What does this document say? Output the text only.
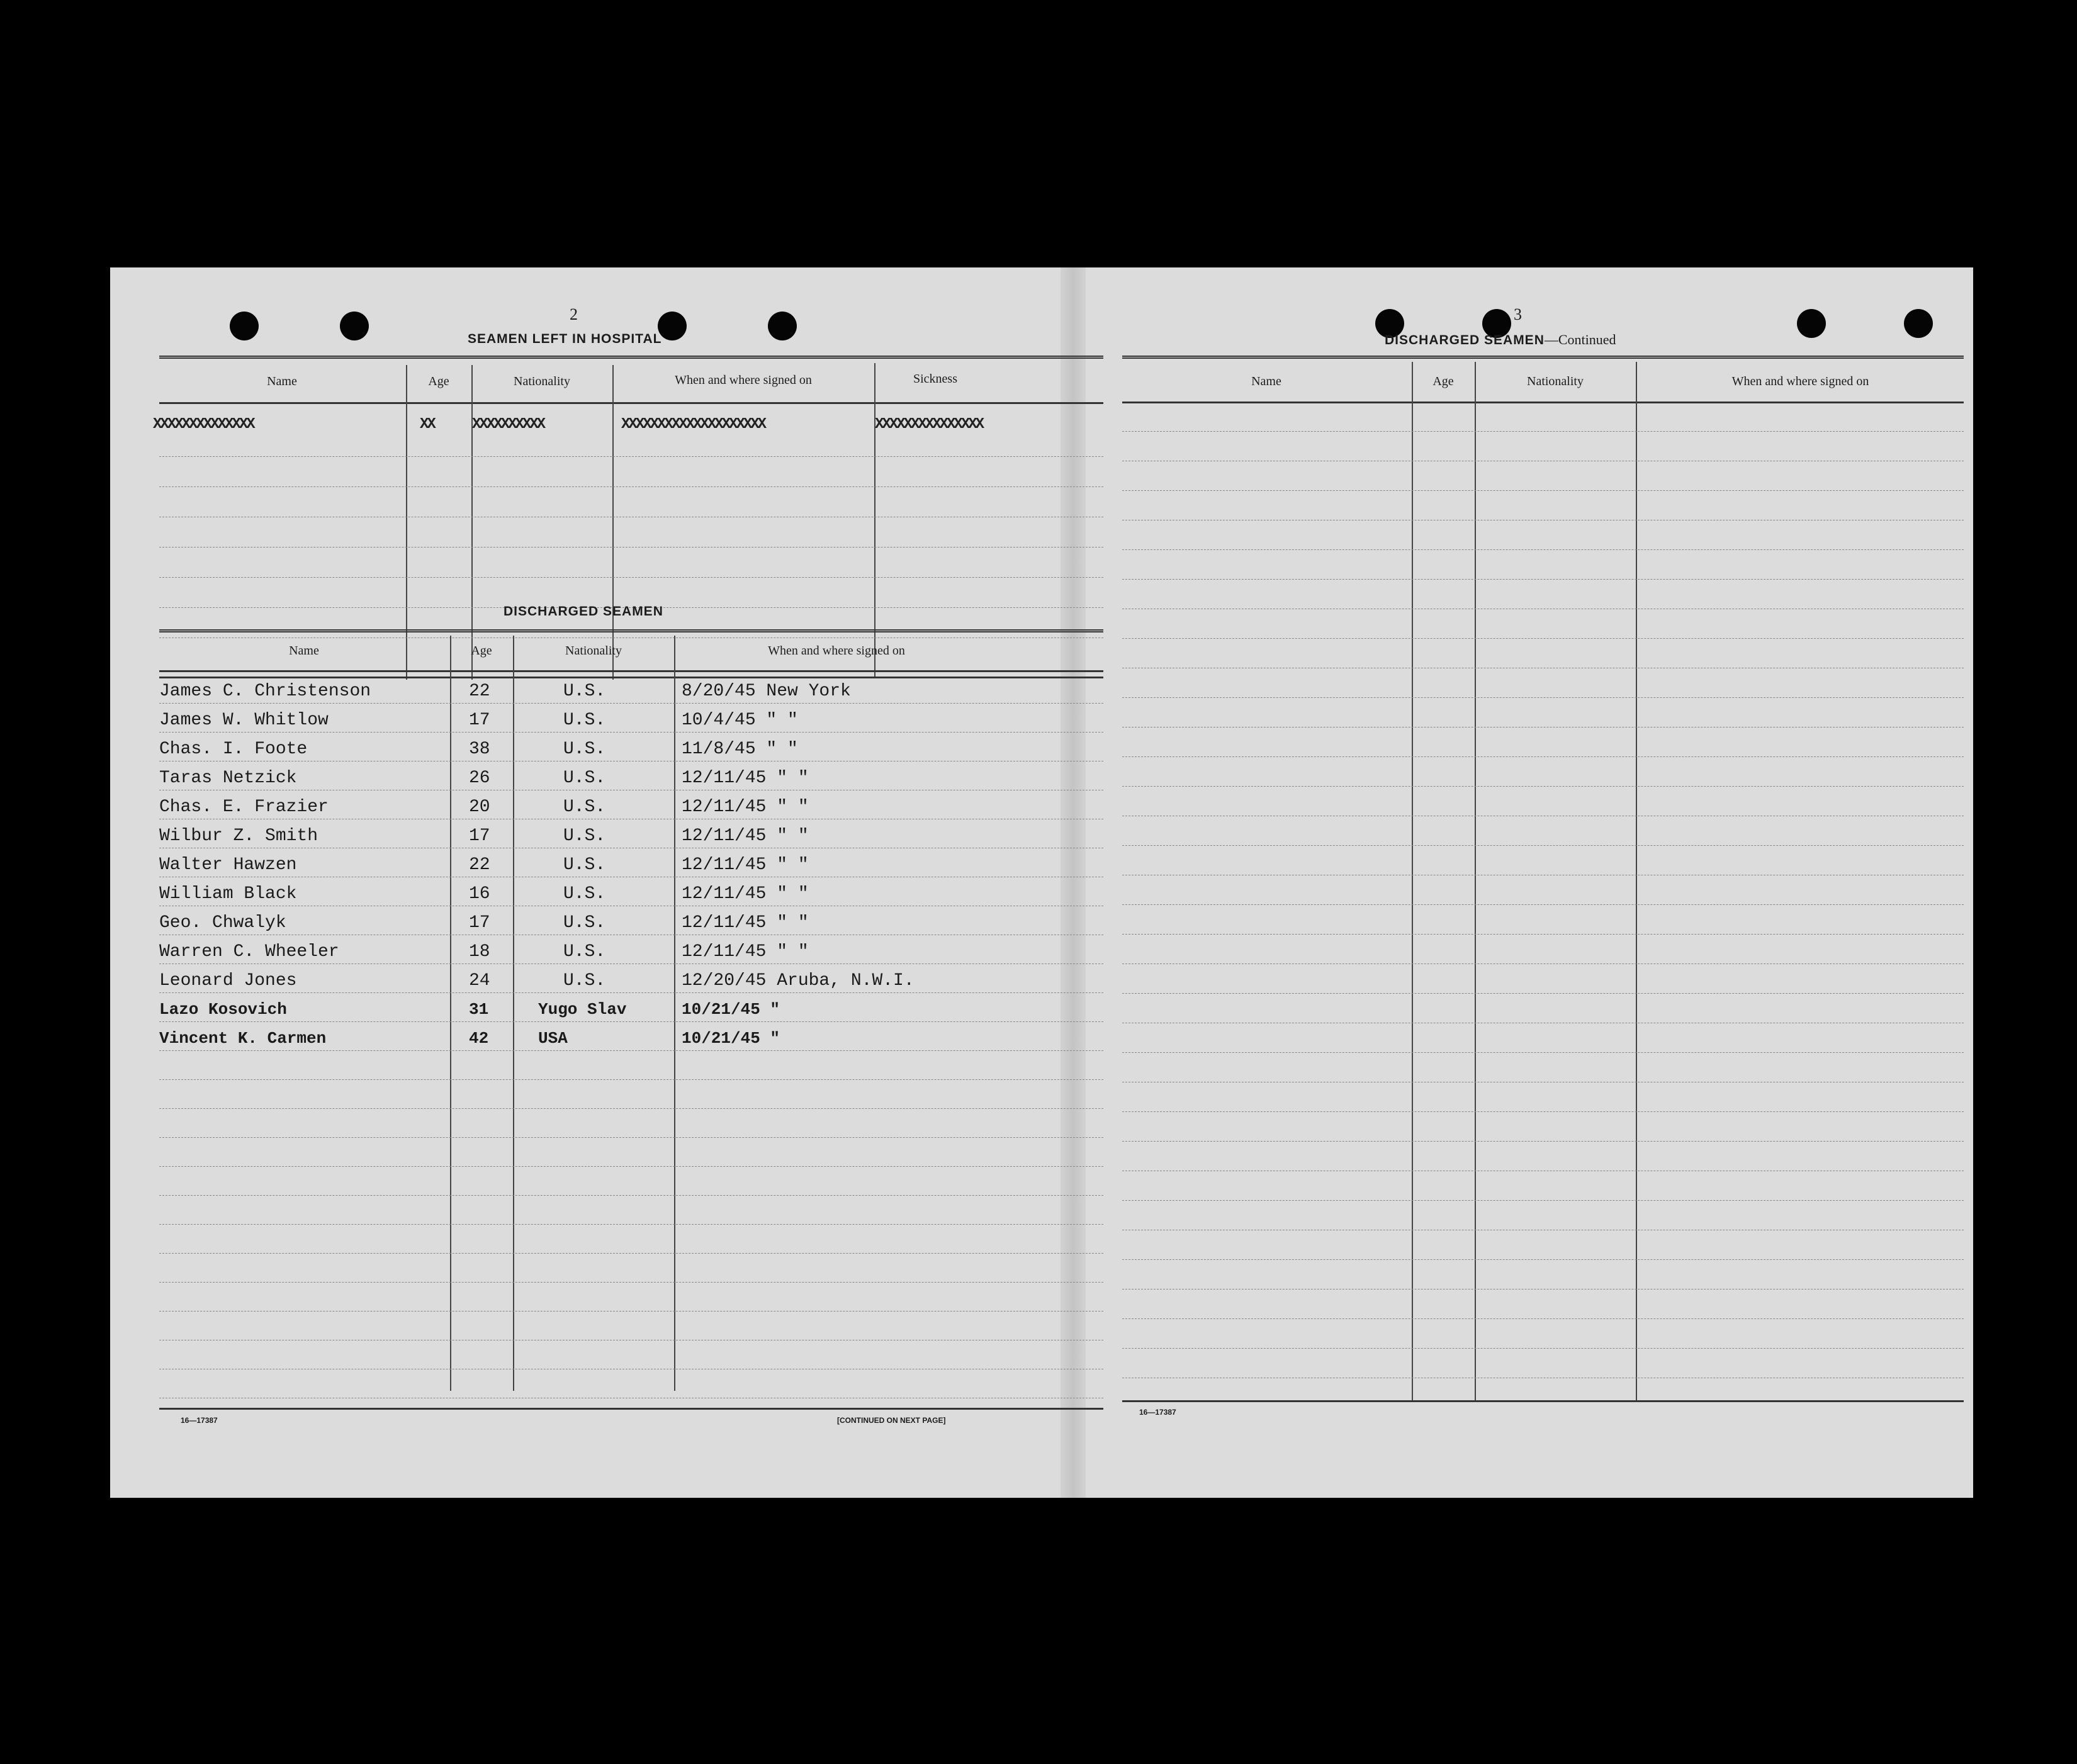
2
SEAMEN LEFT IN HOSPITAL
Name	Age	Nationality	When and where signed on	Sickness
XXXXXXXXXXXXXX	XX	XXXXXXXXXX	XXXXXXXXXXXXXXXXXXXX	XXXXXXXXXXXXXXX
DISCHARGED SEAMEN
Name	Age	Nationality	When and where signed on
James C. Christenson	22	U.S.	8/20/45 New York
James W. Whitlow	17	U.S.	10/4/45 " "
Chas. I. Foote	38	U.S.	11/8/45 " "
Taras Netzick	26	U.S.	12/11/45 " "
Chas. E. Frazier	20	U.S.	12/11/45 " "
Wilbur Z. Smith	17	U.S.	12/11/45 " "
Walter Hawzen	22	U.S.	12/11/45 " "
William Black	16	U.S.	12/11/45 " "
Geo. Chwalyk	17	U.S.	12/11/45 " "
Warren C. Wheeler	18	U.S.	12/11/45 " "
Leonard Jones	24	U.S.	12/20/45 Aruba, N.W.I.
Lazo Kosovich	31	Yugo Slav	10/21/45 "
Vincent K. Carmen	42	USA	10/21/45 "
16—17387	[CONTINUED ON NEXT PAGE]
3
DISCHARGED SEAMEN—Continued
Name	Age	Nationality	When and where signed on
16—17387
